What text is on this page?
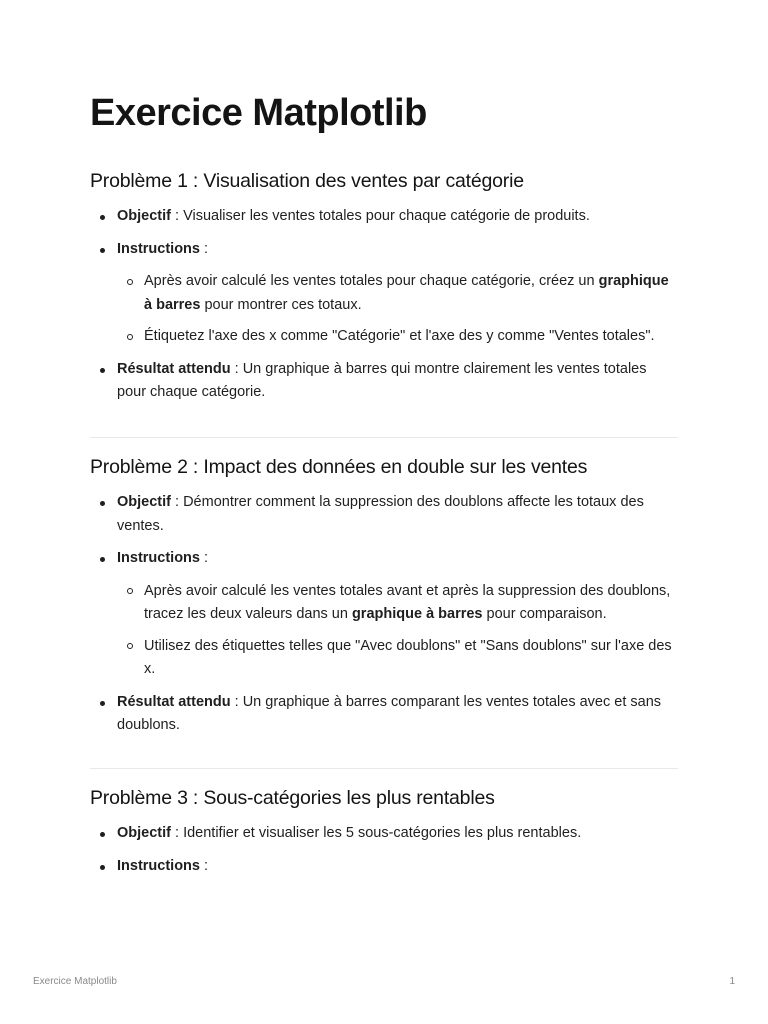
Exercice Matplotlib
Problème 1 : Visualisation des ventes par catégorie
Objectif : Visualiser les ventes totales pour chaque catégorie de produits.
Instructions :
Après avoir calculé les ventes totales pour chaque catégorie, créez un graphique à barres pour montrer ces totaux.
Étiquetez l'axe des x comme "Catégorie" et l'axe des y comme "Ventes totales".
Résultat attendu : Un graphique à barres qui montre clairement les ventes totales pour chaque catégorie.
Problème 2 : Impact des données en double sur les ventes
Objectif : Démontrer comment la suppression des doublons affecte les totaux des ventes.
Instructions :
Après avoir calculé les ventes totales avant et après la suppression des doublons, tracez les deux valeurs dans un graphique à barres pour comparaison.
Utilisez des étiquettes telles que "Avec doublons" et "Sans doublons" sur l'axe des x.
Résultat attendu : Un graphique à barres comparant les ventes totales avec et sans doublons.
Problème 3 : Sous-catégories les plus rentables
Objectif : Identifier et visualiser les 5 sous-catégories les plus rentables.
Instructions :
Exercice Matplotlib	1
